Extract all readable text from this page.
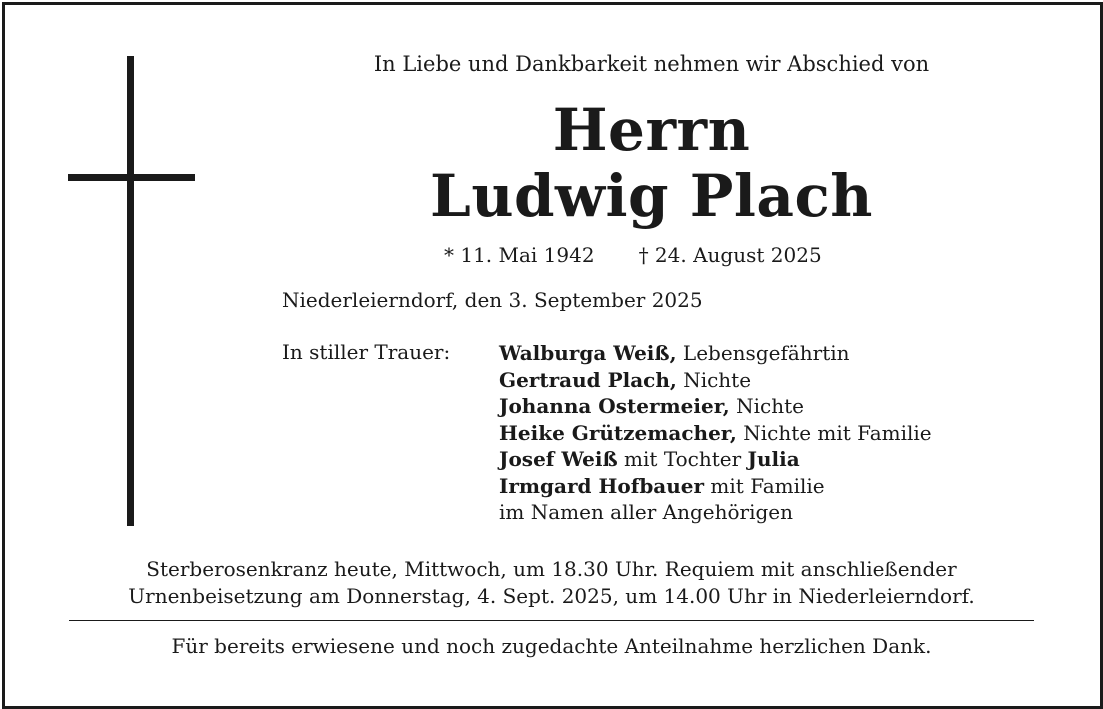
In Liebe und Dankbarkeit nehmen wir Abschied von
Herrn
Ludwig Plach
* 11. Mai 1942 † 24. August 2025
Niederleierndorf, den 3. September 2025
In stiller Trauer: Walburga Weiß, Lebensgefährtin
Gertraud Plach, Nichte
Johanna Ostermeier, Nichte
Heike Grützemacher, Nichte mit Familie
Josef Weiß mit Tochter Julia
Irmgard Hofbauer mit Familie
im Namen aller Angehörigen
Sterberosenkranz heute, Mittwoch, um 18.30 Uhr. Requiem mit anschließender
Urnenbeisetzung am Donnerstag, 4. Sept. 2025, um 14.00 Uhr in Niederleierndorf.
Für bereits erwiesene und noch zugedachte Anteilnahme herzlichen Dank.
